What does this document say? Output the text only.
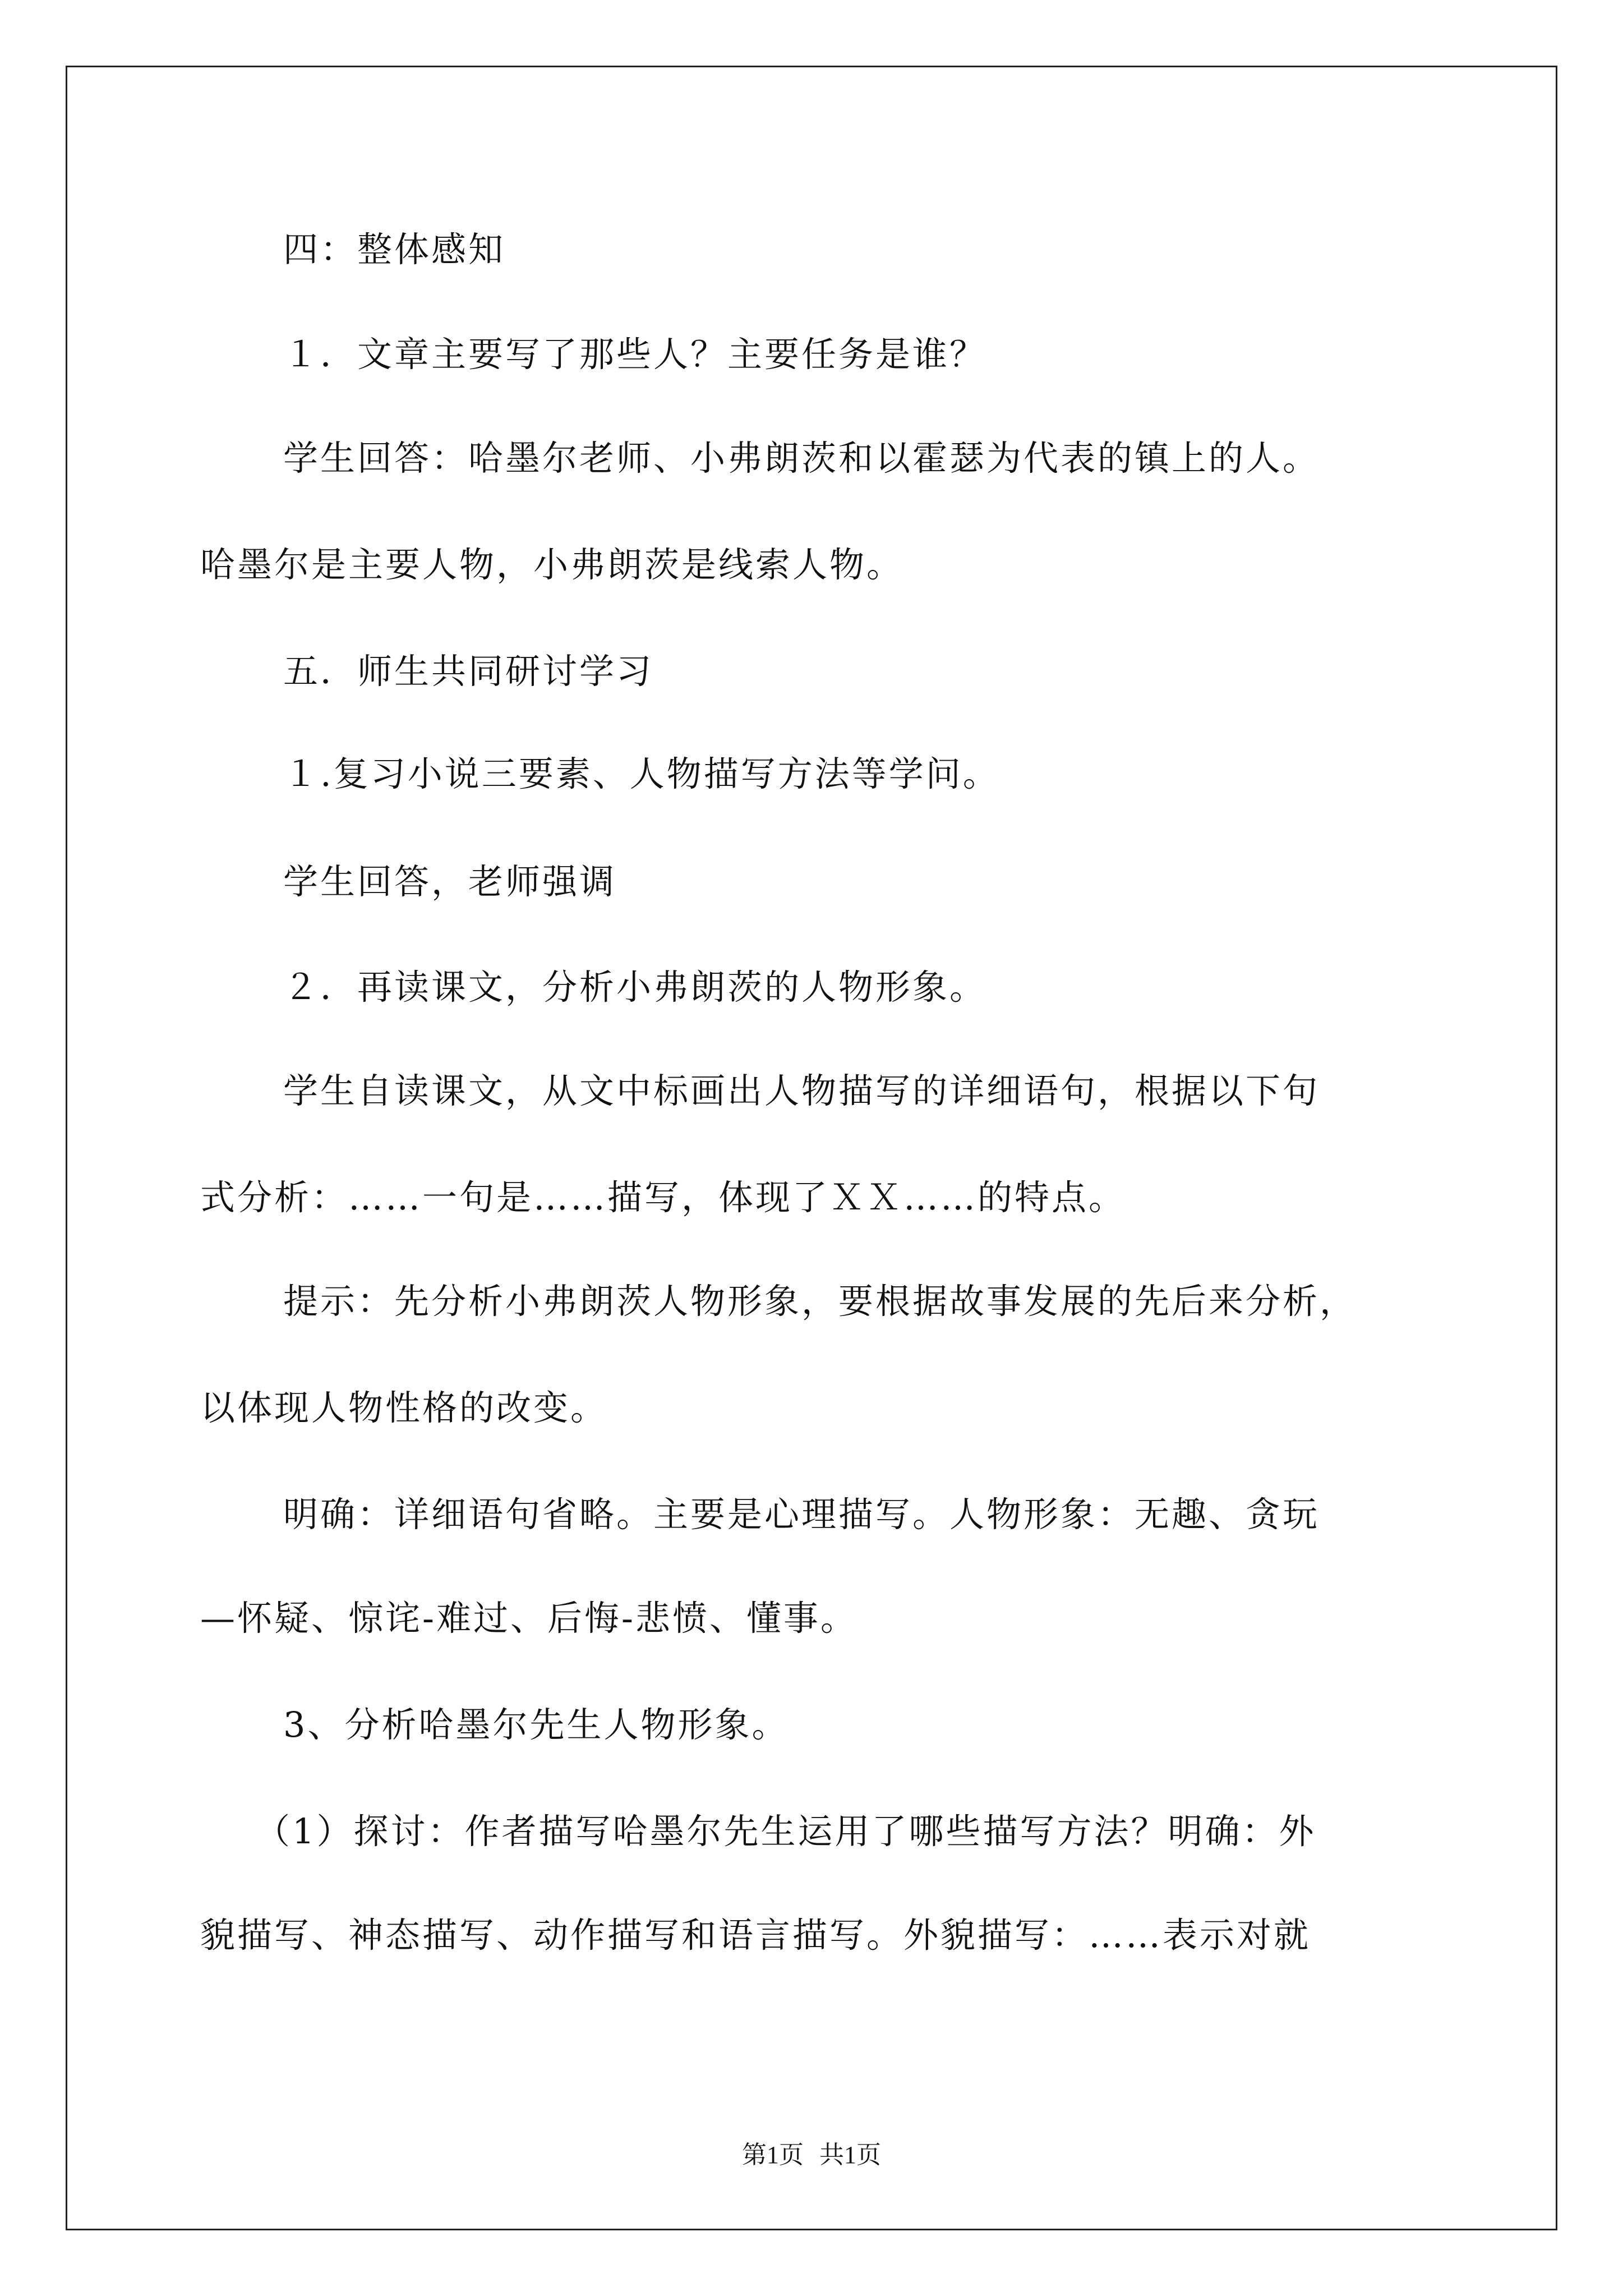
四：整体感知
１．文章主要写了那些人？主要任务是谁？
学生回答：哈墨尔老师、小弗朗茨和以霍瑟为代表的镇上的人。
哈墨尔是主要人物，小弗朗茨是线索人物。
五．师生共同研讨学习
１.复习小说三要素、人物描写方法等学问。
学生回答，老师强调
２．再读课文，分析小弗朗茨的人物形象。
学生自读课文，从文中标画出人物描写的详细语句，根据以下句
式分析：……一句是……描写，体现了ＸＸ……的特点。
提示：先分析小弗朗茨人物形象，要根据故事发展的先后来分析，
以体现人物性格的改变。
明确：详细语句省略。主要是心理描写。人物形象：无趣、贪玩
—怀疑、惊诧-难过、后悔-悲愤、懂事。
3、分析哈墨尔先生人物形象。
（1）探讨：作者描写哈墨尔先生运用了哪些描写方法？明确：外
貌描写、神态描写、动作描写和语言描写。外貌描写：……表示对就
第1页 共1页
